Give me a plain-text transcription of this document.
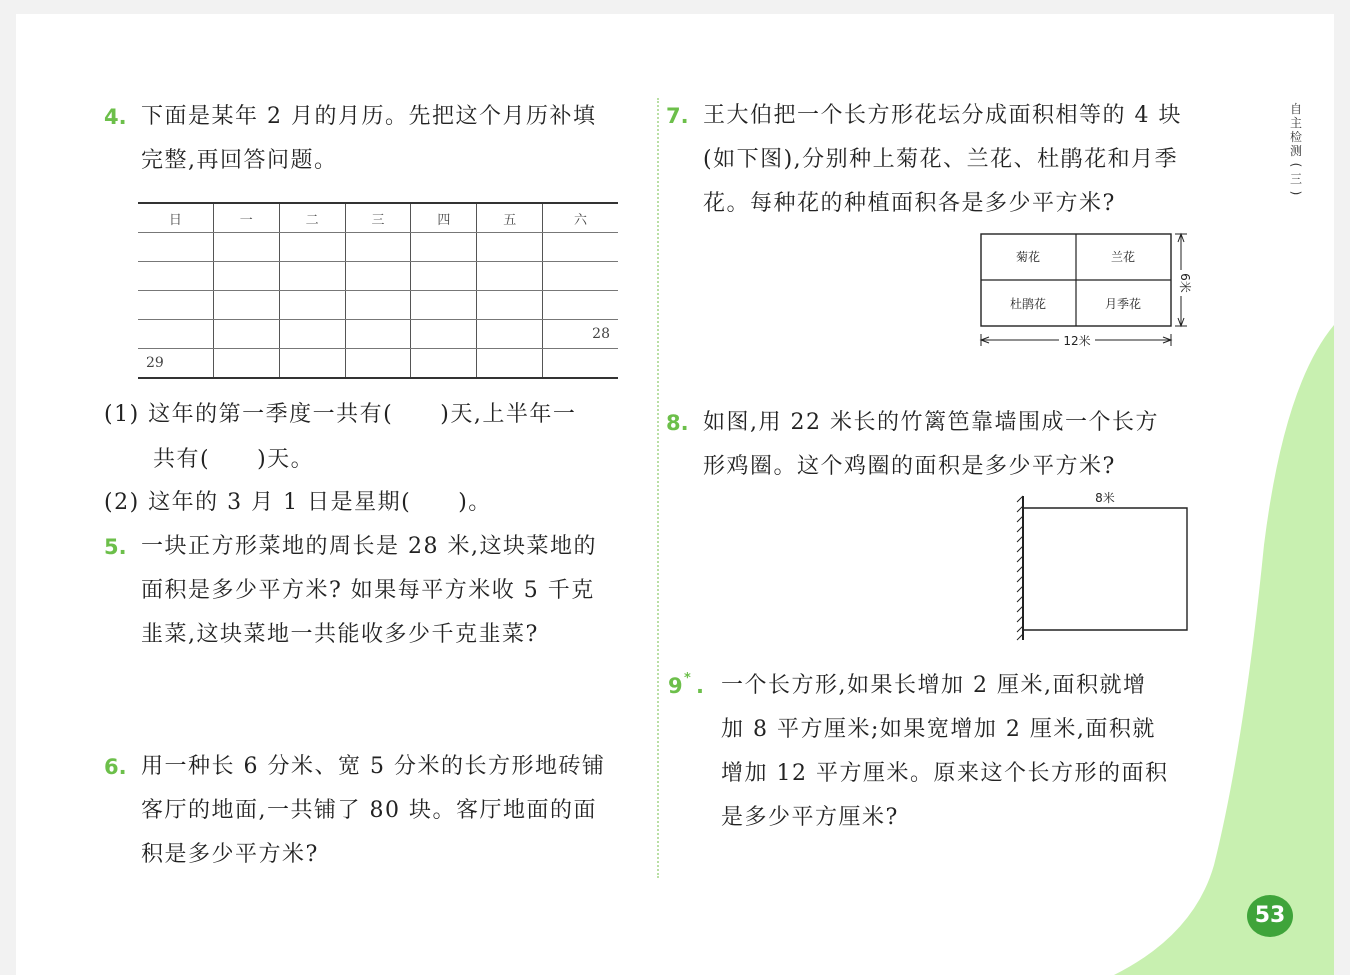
4. 下面是某年 2 月的月历。先把这个月历补填
完整,再回答问题。
日	一	二	三	四	五	六

						28
29						
(1) 这年的第一季度一共有(　　)天,上半年一
共有(　　)天。
(2) 这年的 3 月 1 日是星期(　　)。
5. 一块正方形菜地的周长是 28 米,这块菜地的
面积是多少平方米? 如果每平方米收 5 千克
韭菜,这块菜地一共能收多少千克韭菜?
6. 用一种长 6 分米、宽 5 分米的长方形地砖铺
客厅的地面,一共铺了 80 块。客厅地面的面
积是多少平方米?
7. 王大伯把一个长方形花坛分成面积相等的 4 块
(如下图),分别种上菊花、兰花、杜鹃花和月季
花。每种花的种植面积各是多少平方米?
菊花	兰花
杜鹃花	月季花
6米
12米
8. 如图,用 22 米长的竹篱笆靠墙围成一个长方
形鸡圈。这个鸡圈的面积是多少平方米?
8米
9 * . 一个长方形,如果长增加 2 厘米,面积就增
加 8 平方厘米;如果宽增加 2 厘米,面积就
增加 12 平方厘米。原来这个长方形的面积
是多少平方厘米?
自
主
检
测
(
三
)
53
